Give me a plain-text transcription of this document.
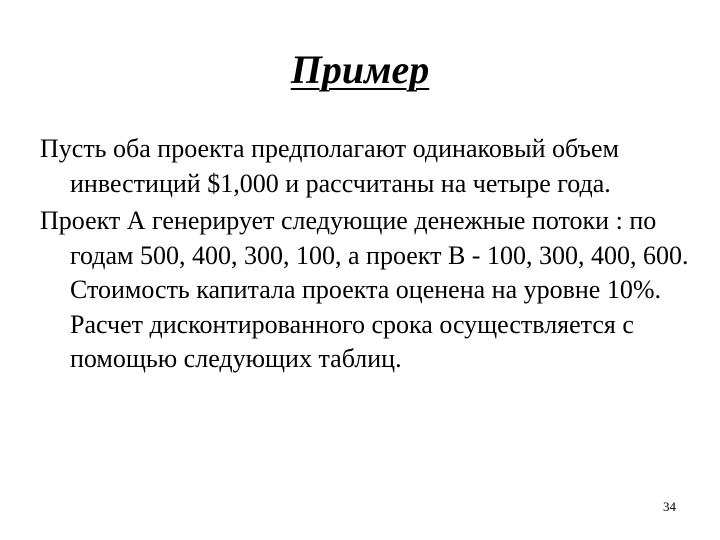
Пример

Пусть оба проекта предполагают одинаковый объем инвестиций $1,000 и рассчитаны на четыре года.

Проект А генерирует следующие денежные потоки : по годам 500, 400, 300, 100, а проект В - 100, 300, 400, 600. Стоимость капитала проекта оценена на уровне 10%. Расчет дисконтированного срока осуществляется с помощью следующих таблиц.

34
